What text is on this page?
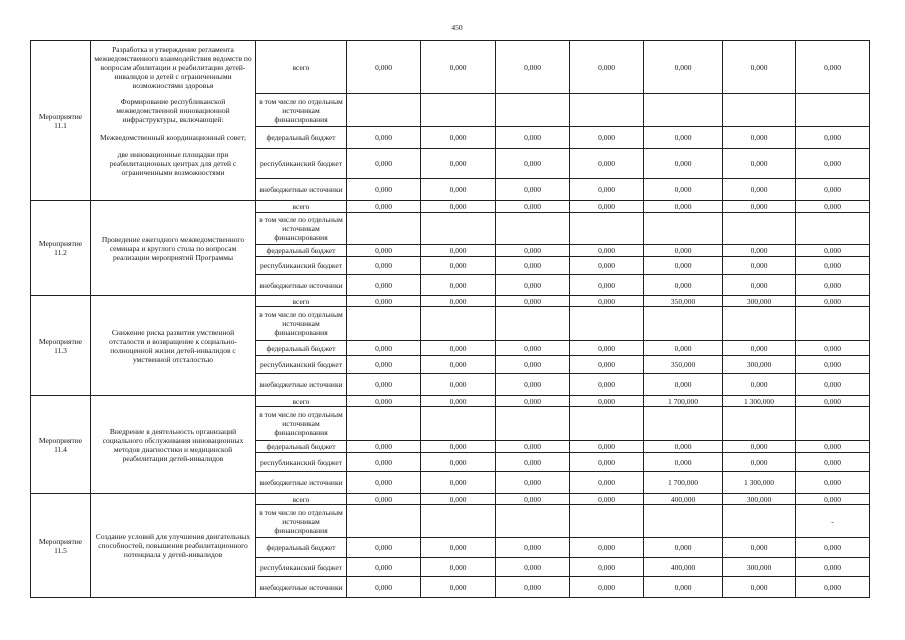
450
Мероприятие
11.1	Разработка и утверждение регламента межведомственного взаимодействия ведомств по вопросам абилитации и реабилитации детей-инвалидов и детей с ограниченными возможностями здоровья	всего	0,000	0,000	0,000	0,000	0,000	0,000	0,000
	Формирование республиканской межведомственной инновационной инфраструктуры, включающей:	в том числе по отдельным источникам финансирования							
	Межведомственный координационный совет;	федеральный бюджет	0,000	0,000	0,000	0,000	0,000	0,000	0,000
	две инновационные площадки при реабилитационных центрах для детей с ограниченными возможностями	республиканский бюджет	0,000	0,000	0,000	0,000	0,000	0,000	0,000
		внебюджетные источники	0,000	0,000	0,000	0,000	0,000	0,000	0,000

Мероприятие
11.2	Проведение ежегодного межведомственного семинара и круглого стола по вопросам реализации мероприятий Программы	всего	0,000	0,000	0,000	0,000	0,000	0,000	0,000
		в том числе по отдельным источникам финансирования							
		федеральный бюджет	0,000	0,000	0,000	0,000	0,000	0,000	0,000
		республиканский бюджет	0,000	0,000	0,000	0,000	0,000	0,000	0,000
		внебюджетные источники	0,000	0,000	0,000	0,000	0,000	0,000	0,000

Мероприятие
11.3	Снижение риска развития умственной отсталости и возвращение к социально-полноценной жизни детей-инвалидов с умственной отсталостью	всего	0,000	0,000	0,000	0,000	350,000	300,000	0,000
		в том числе по отдельным источникам финансирования							
		федеральный бюджет	0,000	0,000	0,000	0,000	0,000	0,000	0,000
		республиканский бюджет	0,000	0,000	0,000	0,000	350,000	300,000	0,000
		внебюджетные источники	0,000	0,000	0,000	0,000	0,000	0,000	0,000

Мероприятие
11.4	Внедрение в деятельность организаций социального обслуживания инновационных методов диагностики и медицинской реабилитации детей-инвалидов	всего	0,000	0,000	0,000	0,000	1 700,000	1 300,000	0,000
		в том числе по отдельным источникам финансирования							
		федеральный бюджет	0,000	0,000	0,000	0,000	0,000	0,000	0,000
		республиканский бюджет	0,000	0,000	0,000	0,000	0,000	0,000	0,000
		внебюджетные источники	0,000	0,000	0,000	0,000	1 700,000	1 300,000	0,000

Мероприятие
11.5	Создание условий для улучшения двигательных способностей, повышения реабилитационного потенциала у детей-инвалидов	всего	0,000	0,000	0,000	0,000	400,000	300,000	0,000
		в том числе по отдельным источникам финансирования							-
		федеральный бюджет	0,000	0,000	0,000	0,000	0,000	0,000	0,000
		республиканский бюджет	0,000	0,000	0,000	0,000	400,000	300,000	0,000
		внебюджетные источники	0,000	0,000	0,000	0,000	0,000	0,000	0,000
